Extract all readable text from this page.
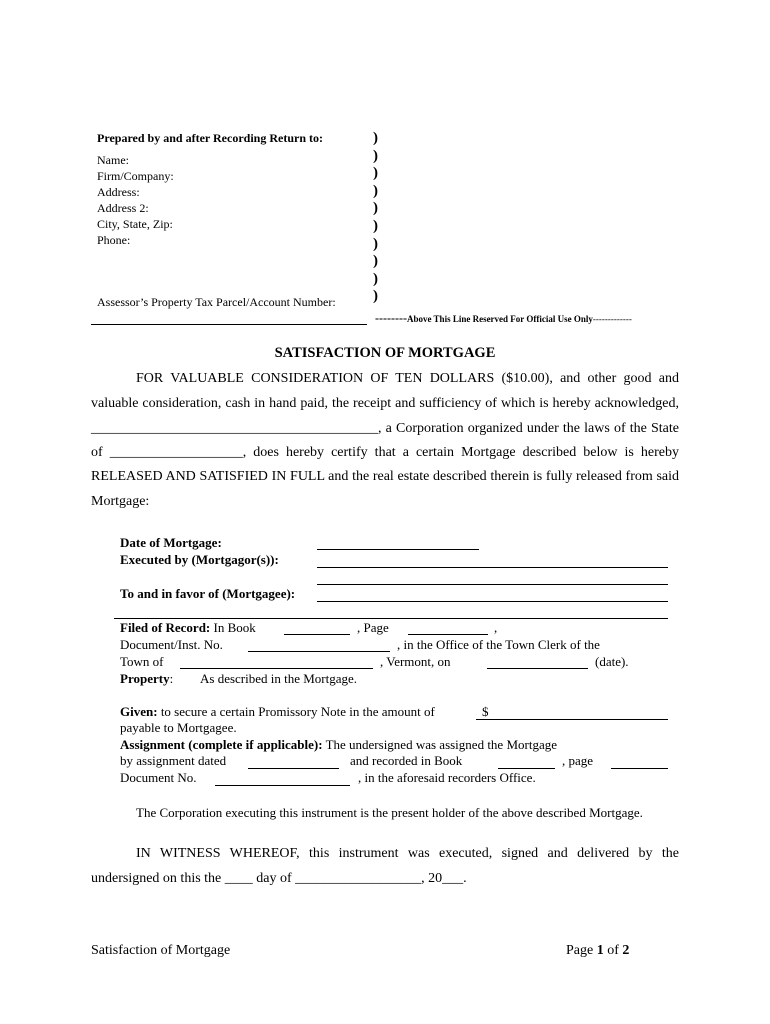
Prepared by and after Recording Return to:
Name:
Firm/Company:
Address:
Address 2:
City, State, Zip:
Phone:
Assessor’s Property Tax Parcel/Account Number:
)
)
)
)
)
)
)
)
)
)
--------Above This Line Reserved For Official Use Only-------------
SATISFACTION OF MORTGAGE
FOR VALUABLE CONSIDERATION OF TEN DOLLARS ($10.00), and other good and
valuable consideration, cash in hand paid, the receipt and sufficiency of which is hereby acknowledged,
_________________________________________, a Corporation organized under the laws of the State
of ___________________, does hereby certify that a certain Mortgage described below is hereby
RELEASED AND SATISFIED IN FULL and the real estate described therein is fully released from said
Mortgage:
Date of Mortgage:
Executed by (Mortgagor(s)):
To and in favor of (Mortgagee):
Filed of Record: In Book	, Page	,
Document/Inst. No.	, in the Office of the Town Clerk of the
Town of	, Vermont, on	(date).
Property: As described in the Mortgage.
Given: to secure a certain Promissory Note in the amount of	$
payable to Mortgagee.
Assignment (complete if applicable): The undersigned was assigned the Mortgage
by assignment dated	and recorded in Book	, page
Document No.	, in the aforesaid recorders Office.
The Corporation executing this instrument is the present holder of the above described Mortgage.
IN WITNESS WHEREOF, this instrument was executed, signed and delivered by the
undersigned on this the ____ day of __________________, 20___.
Satisfaction of Mortgage	Page 1 of 2
